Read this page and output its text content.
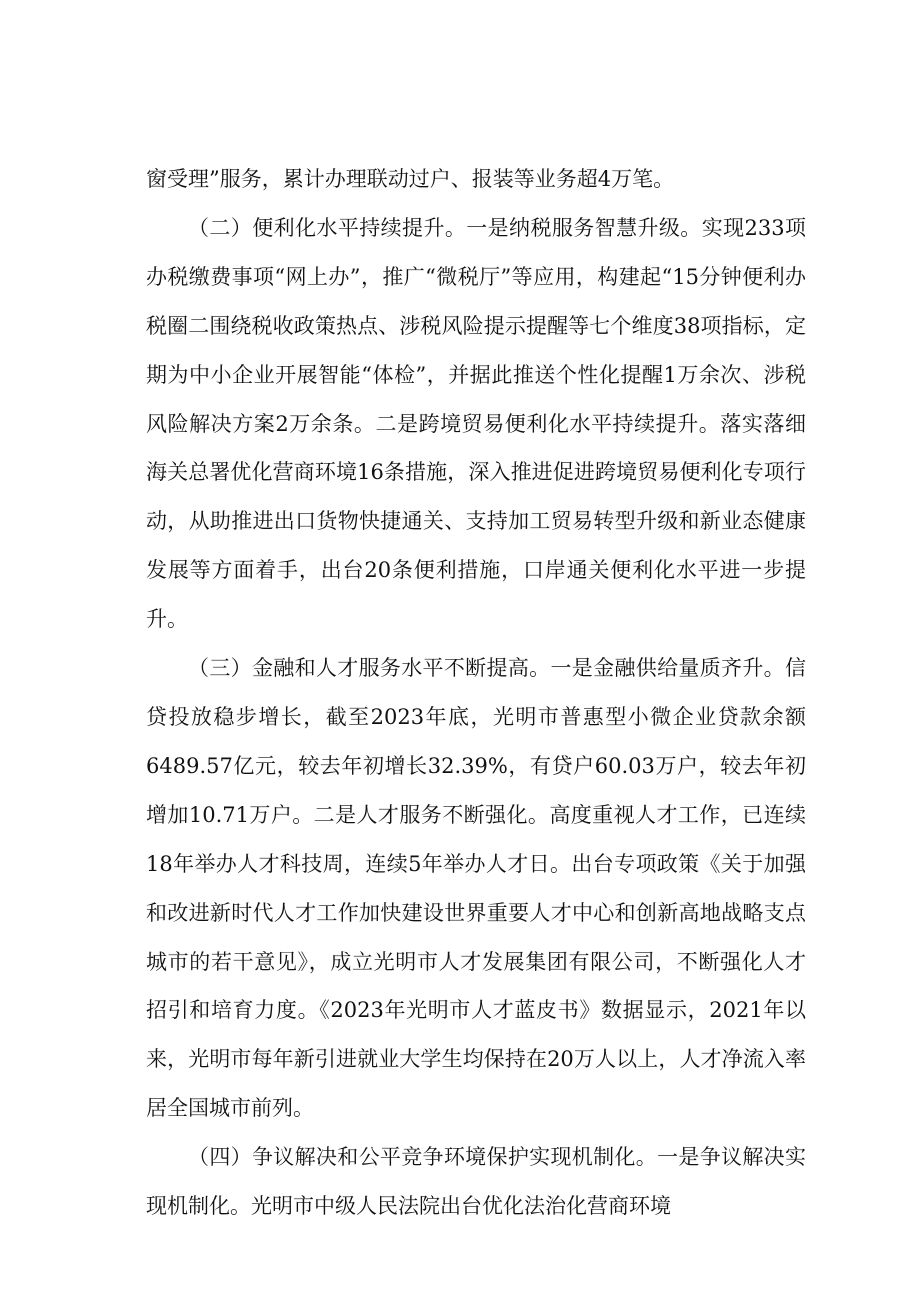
窗受理”服务，累计办理联动过户、报装等业务超4万笔。

（二）便利化水平持续提升。一是纳税服务智慧升级。实现233项办税缴费事项“网上办”，推广“微税厅”等应用，构建起“15分钟便利办税圈二围绕税收政策热点、涉税风险提示提醒等七个维度38项指标，定期为中小企业开展智能“体检”，并据此推送个性化提醒1万余次、涉税风险解决方案2万余条。二是跨境贸易便利化水平持续提升。落实落细海关总署优化营商环境16条措施，深入推进促进跨境贸易便利化专项行动，从助推进出口货物快捷通关、支持加工贸易转型升级和新业态健康发展等方面着手，出台20条便利措施，口岸通关便利化水平进一步提升。

（三）金融和人才服务水平不断提高。一是金融供给量质齐升。信贷投放稳步增长，截至2023年底，光明市普惠型小微企业贷款余额6489.57亿元，较去年初增长32.39%，有贷户60.03万户，较去年初增加10.71万户。二是人才服务不断强化。高度重视人才工作，已连续18年举办人才科技周，连续5年举办人才日。出台专项政策《关于加强和改进新时代人才工作加快建设世界重要人才中心和创新高地战略支点城市的若干意见》，成立光明市人才发展集团有限公司，不断强化人才招引和培育力度。《2023年光明市人才蓝皮书》数据显示，2021年以来，光明市每年新引进就业大学生均保持在20万人以上，人才净流入率居全国城市前列。

（四）争议解决和公平竞争环境保护实现机制化。一是争议解决实现机制化。光明市中级人民法院出台优化法治化营商环境
